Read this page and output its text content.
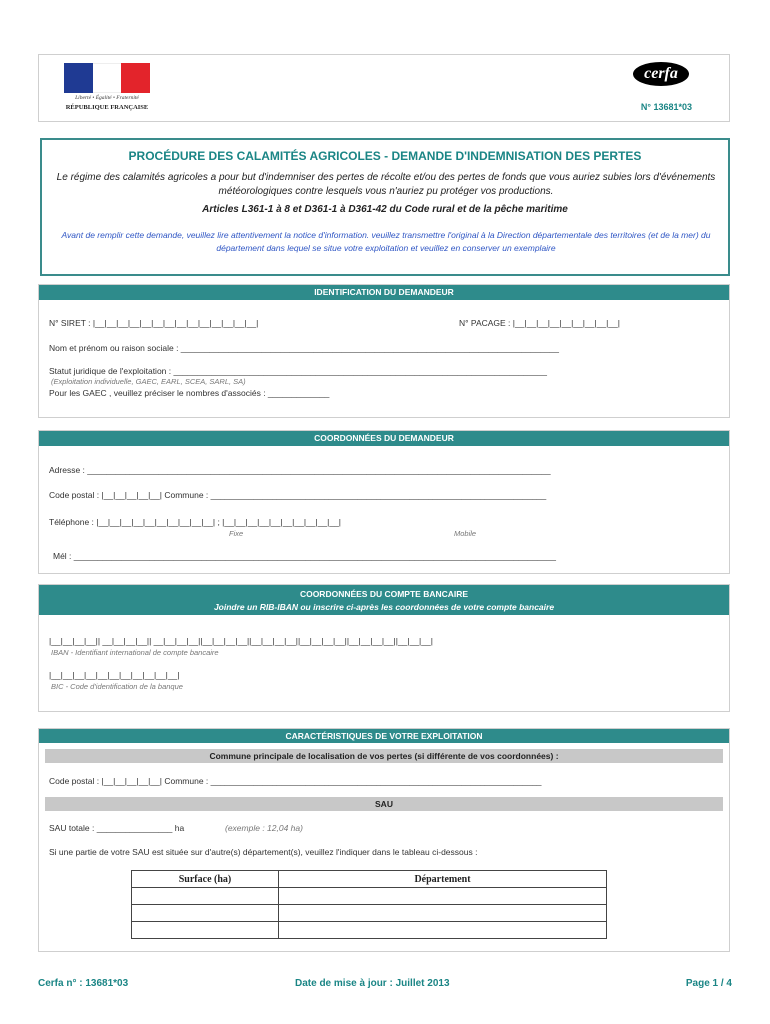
Liberté • Égalité • Fraternité
RÉPUBLIQUE FRANÇAISE
cerfa
N° 13681*03
PROCÉDURE DES CALAMITÉS AGRICOLES - DEMANDE D'INDEMNISATION DES PERTES
Le régime des calamités agricoles a pour but d'indemniser des pertes de récolte et/ou des pertes de fonds que vous auriez subies lors d'événements météorologiques contre lesquels vous n'auriez pu protéger vos productions.
Articles L361-1 à 8 et D361-1 à D361-42 du Code rural et de la pêche maritime
Avant de remplir cette demande, veuillez lire attentivement la notice d'information. veuillez transmettre l'original à la Direction départementale des territoires (et de la mer) du département dans lequel se situe votre exploitation et veuillez en conserver un exemplaire
IDENTIFICATION DU DEMANDEUR
N° SIRET : |__|__|__|__|__|__|__|__|__|__|__|__|__|__|	N° PACAGE : |__|__|__|__|__|__|__|__|__|
Nom et prénom ou raison sociale : ________________________________________________________________________________
Statut juridique de l'exploitation : _______________________________________________________________________________
(Exploitation individuelle, GAEC, EARL, SCEA, SARL, SA)
Pour les GAEC , veuillez préciser le nombres d'associés : _____________
COORDONNÉES DU DEMANDEUR
Adresse : __________________________________________________________________________________________________
Code postal : |__|__|__|__|__| Commune : _______________________________________________________________________
Téléphone : |__|__|__|__|__|__|__|__|__|__| ; |__|__|__|__|__|__|__|__|__|__|
Fixe	Mobile
Mél : ______________________________________________________________________________________________________
COORDONNÉES DU COMPTE BANCAIRE
Joindre un RIB-IBAN ou inscrire ci-après les coordonnées de votre compte bancaire
|__|__|__|__|| __|__|__|__|| __|__|__|__||__|__|__|__||__|__|__|__||__|__|__|__||__|__|__|__||__|__|__|
IBAN - Identifiant international de compte bancaire
|__|__|__|__|__|__|__|__|__|__|__|
BIC - Code d'identification de la banque
CARACTÉRISTIQUES DE VOTRE EXPLOITATION
Commune principale de localisation de vos pertes (si différente de vos coordonnées) :
Code postal : |__|__|__|__|__| Commune : ______________________________________________________________________
SAU
SAU totale : ________________ ha	(exemple : 12,04 ha)
Si une partie de votre SAU est située sur d'autre(s) département(s), veuillez l'indiquer dans le tableau ci-dessous :
Surface (ha)	Département

Cerfa n° : 13681*03	Date de mise à jour : Juillet 2013	Page 1 / 4
